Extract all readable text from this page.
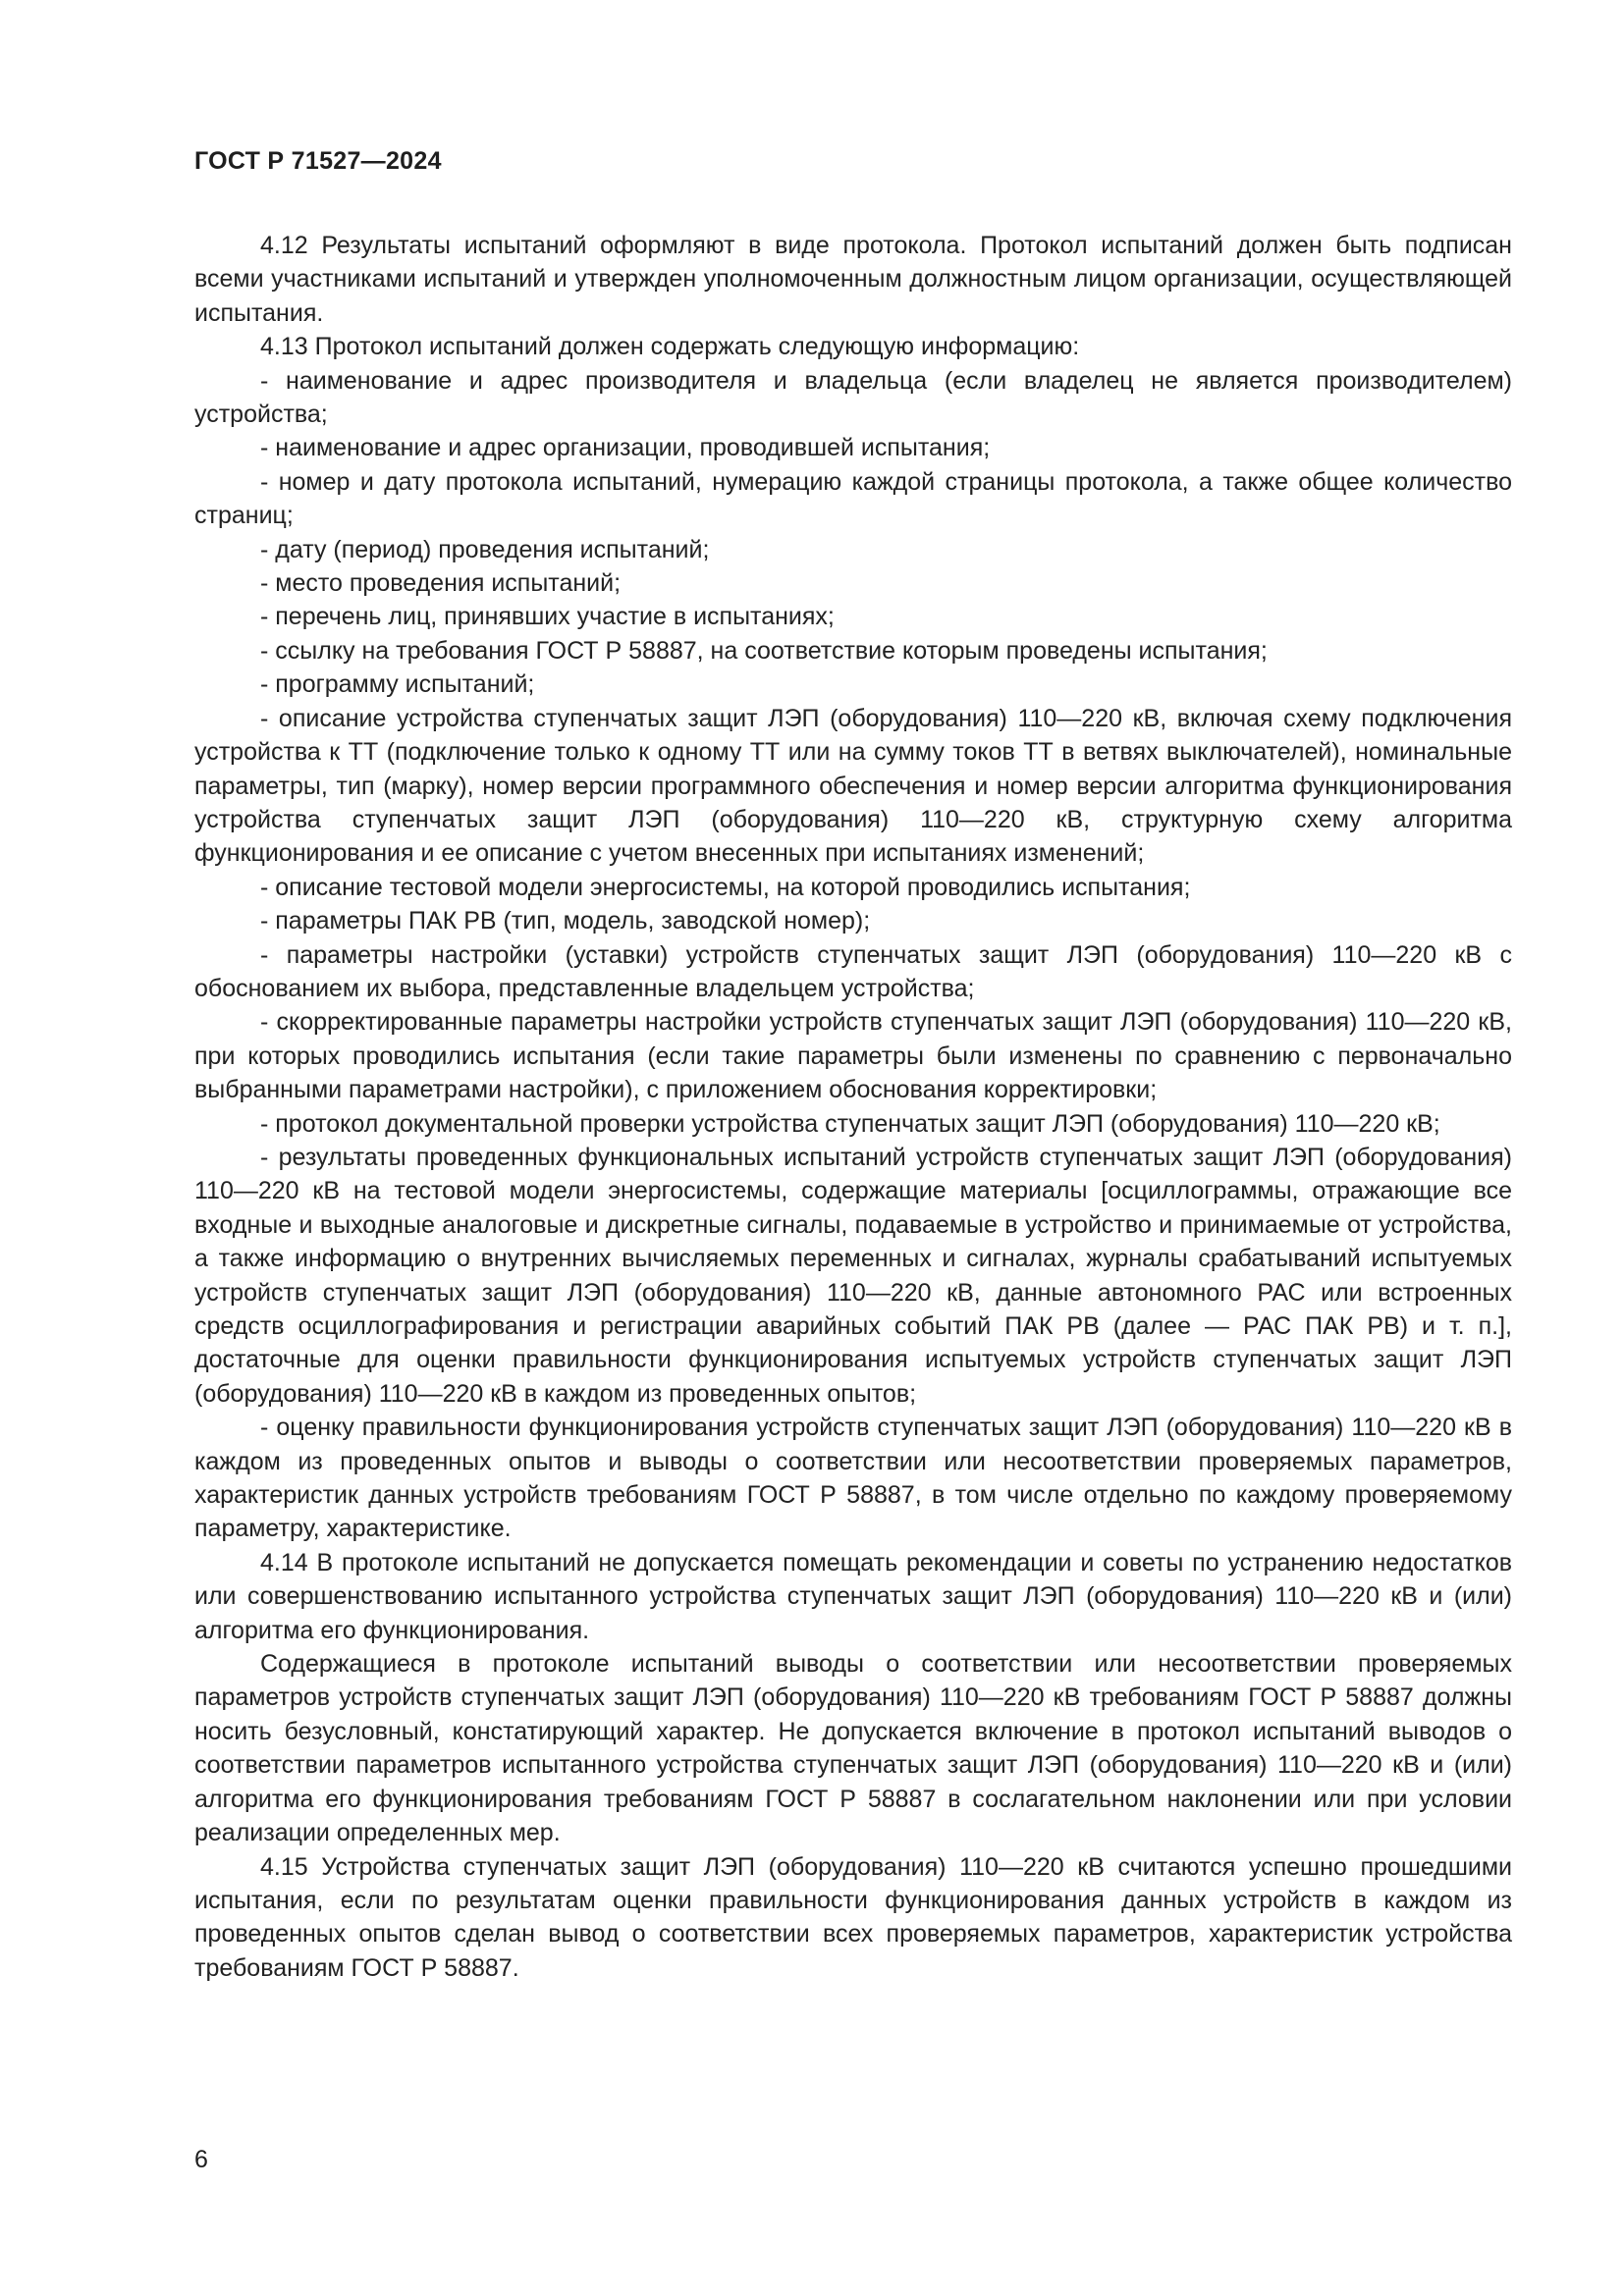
ГОСТ Р 71527—2024

4.12 Результаты испытаний оформляют в виде протокола. Протокол испытаний должен быть подписан всеми участниками испытаний и утвержден уполномоченным должностным лицом организации, осуществляющей испытания.

4.13 Протокол испытаний должен содержать следующую информацию:

- наименование и адрес производителя и владельца (если владелец не является производителем) устройства;

- наименование и адрес организации, проводившей испытания;

- номер и дату протокола испытаний, нумерацию каждой страницы протокола, а также общее количество страниц;

- дату (период) проведения испытаний;

- место проведения испытаний;

- перечень лиц, принявших участие в испытаниях;

- ссылку на требования ГОСТ Р 58887, на соответствие которым проведены испытания;

- программу испытаний;

- описание устройства ступенчатых защит ЛЭП (оборудования) 110—220 кВ, включая схему подключения устройства к ТТ (подключение только к одному ТТ или на сумму токов ТТ в ветвях выключателей), номинальные параметры, тип (марку), номер версии программного обеспечения и номер версии алгоритма функционирования устройства ступенчатых защит ЛЭП (оборудования) 110—220 кВ, структурную схему алгоритма функционирования и ее описание с учетом внесенных при испытаниях изменений;

- описание тестовой модели энергосистемы, на которой проводились испытания;

- параметры ПАК РВ (тип, модель, заводской номер);

- параметры настройки (уставки) устройств ступенчатых защит ЛЭП (оборудования) 110—220 кВ с обоснованием их выбора, представленные владельцем устройства;

- скорректированные параметры настройки устройств ступенчатых защит ЛЭП (оборудования) 110—220 кВ, при которых проводились испытания (если такие параметры были изменены по сравнению с первоначально выбранными параметрами настройки), с приложением обоснования корректировки;

- протокол документальной проверки устройства ступенчатых защит ЛЭП (оборудования) 110—220 кВ;

- результаты проведенных функциональных испытаний устройств ступенчатых защит ЛЭП (оборудования) 110—220 кВ на тестовой модели энергосистемы, содержащие материалы [осциллограммы, отражающие все входные и выходные аналоговые и дискретные сигналы, подаваемые в устройство и принимаемые от устройства, а также информацию о внутренних вычисляемых переменных и сигналах, журналы срабатываний испытуемых устройств ступенчатых защит ЛЭП (оборудования) 110—220 кВ, данные автономного РАС или встроенных средств осциллографирования и регистрации аварийных событий ПАК РВ (далее — РАС ПАК РВ) и т. п.], достаточные для оценки правильности функционирования испытуемых устройств ступенчатых защит ЛЭП (оборудования) 110—220 кВ в каждом из проведенных опытов;

- оценку правильности функционирования устройств ступенчатых защит ЛЭП (оборудования) 110—220 кВ в каждом из проведенных опытов и выводы о соответствии или несоответствии проверяемых параметров, характеристик данных устройств требованиям ГОСТ Р 58887, в том числе отдельно по каждому проверяемому параметру, характеристике.

4.14 В протоколе испытаний не допускается помещать рекомендации и советы по устранению недостатков или совершенствованию испытанного устройства ступенчатых защит ЛЭП (оборудования) 110—220 кВ и (или) алгоритма его функционирования.

Содержащиеся в протоколе испытаний выводы о соответствии или несоответствии проверяемых параметров устройств ступенчатых защит ЛЭП (оборудования) 110—220 кВ требованиям ГОСТ Р 58887 должны носить безусловный, констатирующий характер. Не допускается включение в протокол испытаний выводов о соответствии параметров испытанного устройства ступенчатых защит ЛЭП (оборудования) 110—220 кВ и (или) алгоритма его функционирования требованиям ГОСТ Р 58887 в сослагательном наклонении или при условии реализации определенных мер.

4.15 Устройства ступенчатых защит ЛЭП (оборудования) 110—220 кВ считаются успешно прошедшими испытания, если по результатам оценки правильности функционирования данных устройств в каждом из проведенных опытов сделан вывод о соответствии всех проверяемых параметров, характеристик устройства требованиям ГОСТ Р 58887.

6
